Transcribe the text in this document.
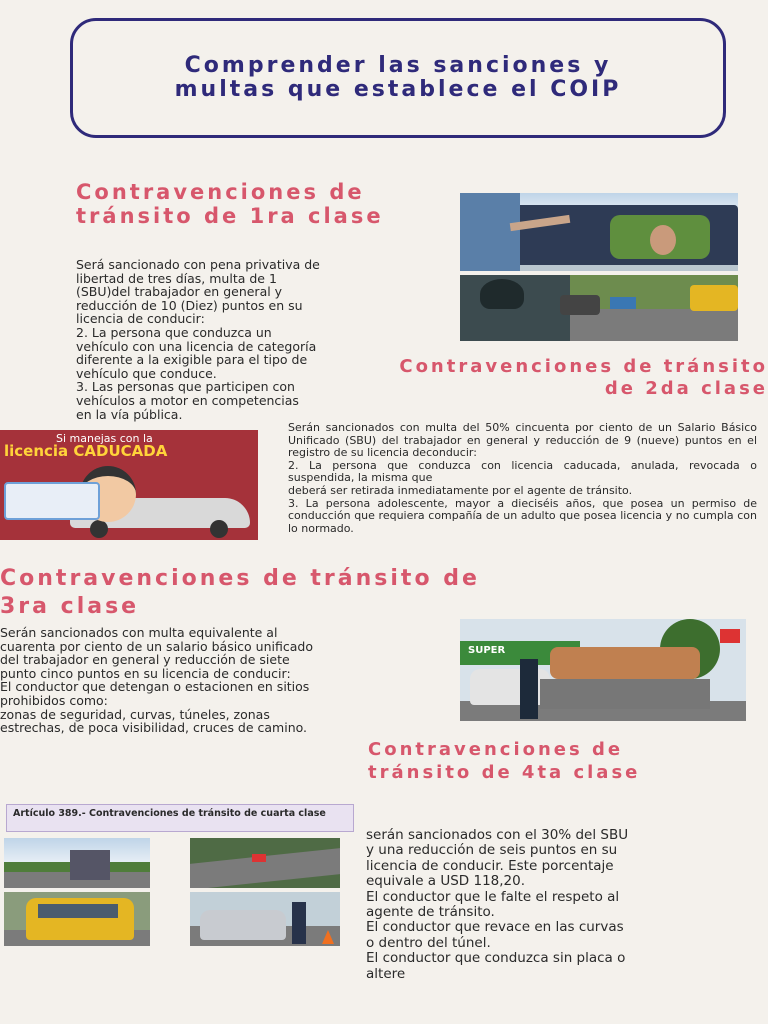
Comprender las sanciones y multas que establece el COIP
Contravenciones de tránsito de 1ra clase

Será sancionado con pena privativa de
libertad de tres días, multa de 1
(SBU)del trabajador en general y
reducción de 10 (Diez) puntos en su
licencia de conducir:
2. La persona que conduzca un
vehículo con una licencia de categoría
diferente a la exigible para el tipo de
vehículo que conduce.
3. Las personas que participen con
vehículos a motor en competencias
en la vía pública.

Contravenciones de tránsito de 2da clase
Si manejas con la
licencia CADUCADA

Serán sancionados con multa del 50% cincuenta por ciento de un Salario Básico Unificado (SBU) del trabajador en general y reducción de 9 (nueve) puntos en el registro de su licencia deconducir:
2. La persona que conduzca con licencia caducada, anulada, revocada o suspendida, la misma que
deberá ser retirada inmediatamente por el agente de tránsito.
3. La persona adolescente, mayor a dieciséis años, que posea un permiso de conducción que requiera compañía de un adulto que posea licencia y no cumpla con lo normado.

Contravenciones de tránsito de 3ra clase

Serán sancionados con multa equivalente al
cuarenta por ciento de un salario básico unificado
del trabajador en general y reducción de siete
punto cinco puntos en su licencia de conducir:
El conductor que detengan o estacionen en sitios
prohibidos como:
zonas de seguridad, curvas, túneles, zonas
estrechas, de poca visibilidad, cruces de camino.

SUPER
Contravenciones de tránsito de 4ta clase
Artículo 389.- Contravenciones de tránsito de cuarta clase

serán sancionados con el 30% del SBU
y una reducción de seis puntos en su
licencia de conducir. Este porcentaje
equivale a USD 118,20.
El conductor que le falte el respeto al
agente de tránsito.
El conductor que revace en las curvas
o dentro del túnel.
El conductor que conduzca sin placa o
altere
